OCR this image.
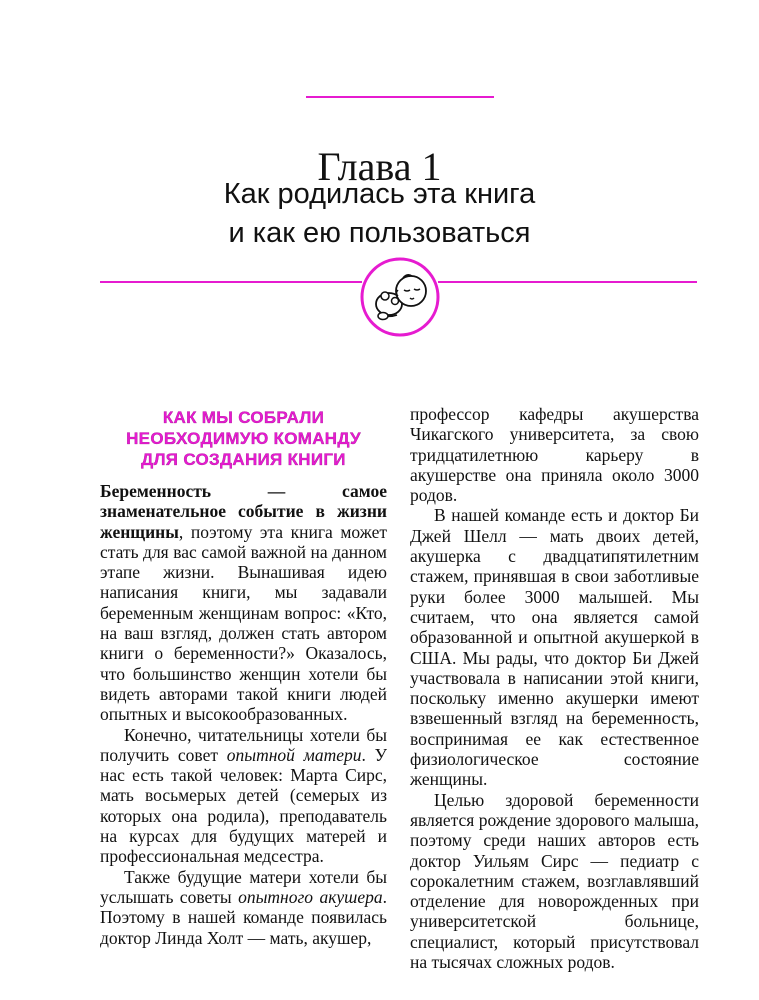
Глава 1
Как родилась эта книга
и как ею пользоваться
КАК МЫ СОБРАЛИ
НЕОБХОДИМУЮ КОМАНДУ
ДЛЯ СОЗДАНИЯ КНИГИ

Беременность — самое знаменательное событие в жизни женщины, поэтому эта книга может стать для вас самой важной на данном этапе жизни. Вынашивая идею написания книги, мы задавали беременным женщинам вопрос: «Кто, на ваш взгляд, должен стать автором книги о беременности?» Оказалось, что большинство женщин хотели бы видеть авторами такой книги людей опытных и высокообразованных.

Конечно, читательницы хотели бы получить совет опытной матери. У нас есть такой человек: Марта Сирс, мать восьмерых детей (семерых из которых она родила), преподаватель на курсах для будущих матерей и профессиональная медсестра.

Также будущие матери хотели бы услышать советы опытного акушера. Поэтому в нашей команде появилась доктор Линда Холт — мать, акушер,

профессор кафедры акушерства Чикагского университета, за свою тридцатилетнюю карьеру в акушерстве она приняла около 3000 родов.

В нашей команде есть и доктор Би Джей Шелл — мать двоих детей, акушерка с двадцатипятилетним стажем, принявшая в свои заботливые руки более 3000 малышей. Мы считаем, что она является самой образованной и опытной акушеркой в США. Мы рады, что доктор Би Джей участвовала в написании этой книги, поскольку именно акушерки имеют взвешенный взгляд на беременность, воспринимая ее как естественное физиологическое состояние женщины.

Целью здоровой беременности является рождение здорового малыша, поэтому среди наших авторов есть доктор Уильям Сирс — педиатр с сорокалетним стажем, возглавлявший отделение для новорожденных при университетской больнице, специалист, который присутствовал на тысячах сложных родов.
